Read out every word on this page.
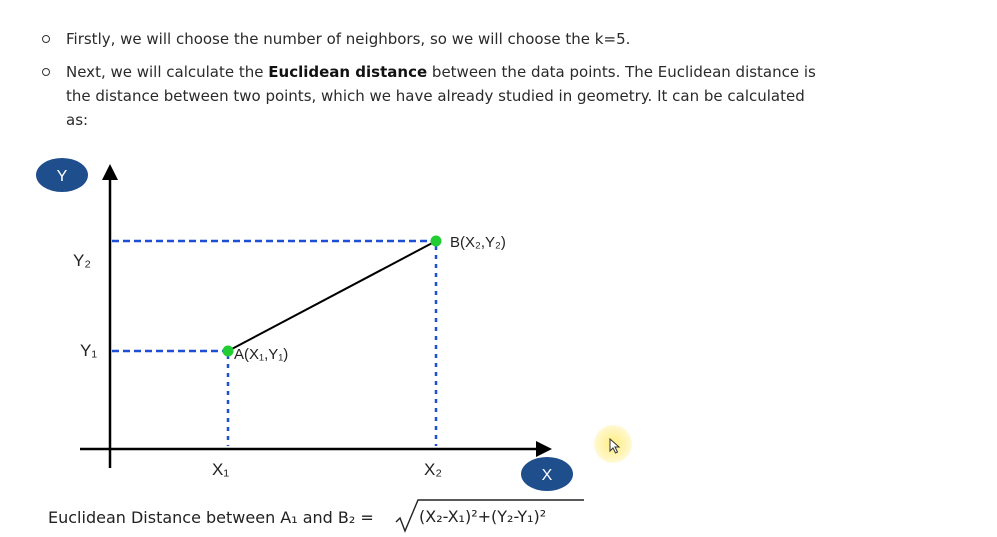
Firstly, we will choose the number of neighbors, so we will choose the k=5.
Next, we will calculate the Euclidean distance between the data points. The Euclidean distance is
the distance between two points, which we have already studied in geometry. It can be calculated
as:
Y
X
A(X₁,Y₁)
B(X₂,Y₂)
Y₂
Y₁
X₁	X₂
Euclidean Distance between A₁ and B₂ =	(X₂-X₁)²+(Y₂-Y₁)²
